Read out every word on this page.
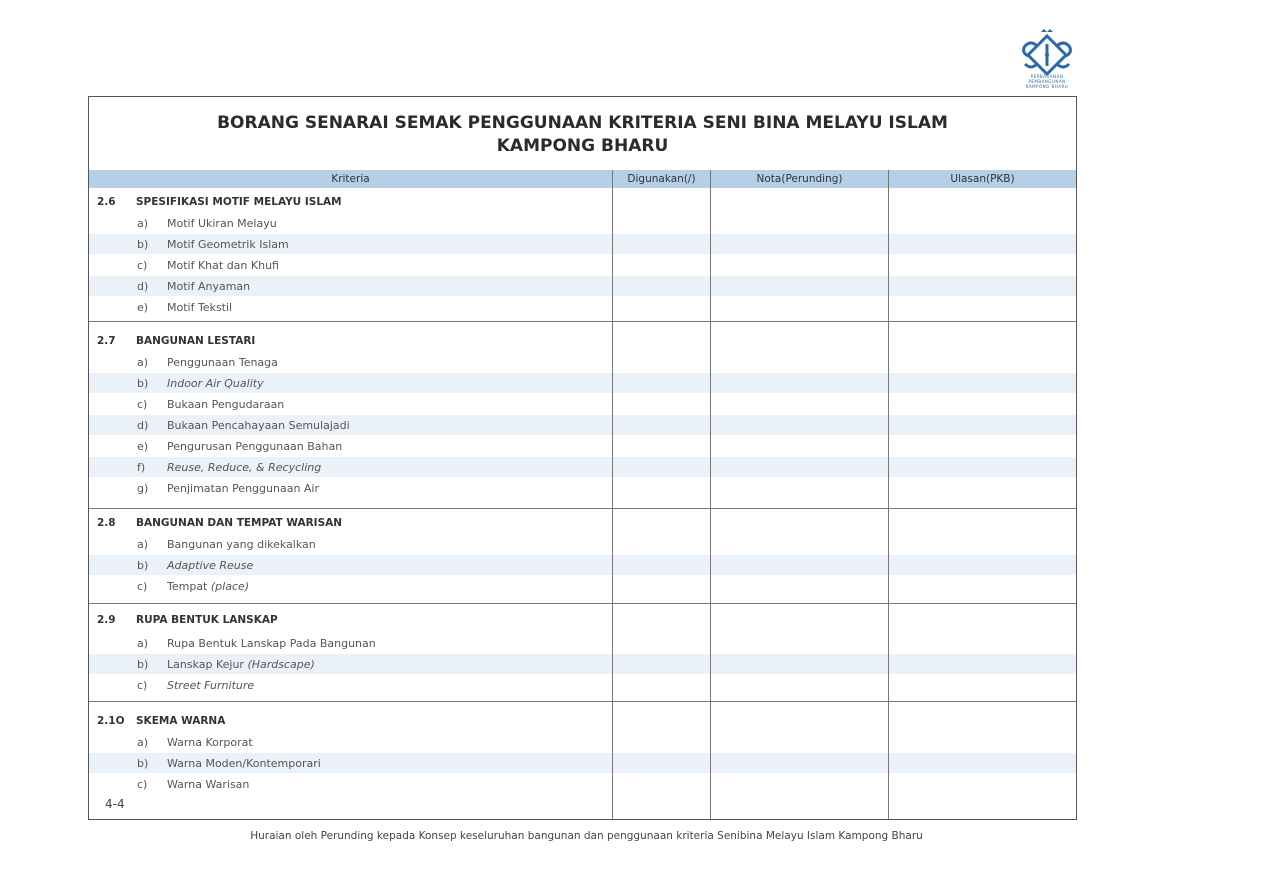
PERBADANAN PEMBANGUNAN
KAMPONG BHARU
BORANG SENARAI SEMAK PENGGUNAAN KRITERIA SENI BINA MELAYU ISLAM
KAMPONG BHARU
Kriteria	Digunakan(/)	Nota(Perunding)	Ulasan(PKB)
2.6 SPESIFIKASI MOTIF MELAYU ISLAM
a) Motif Ukiran Melayu
b) Motif Geometrik Islam
c) Motif Khat dan Khufi
d) Motif Anyaman
e) Motif Tekstil
2.7 BANGUNAN LESTARI
a) Penggunaan Tenaga
b) Indoor Air Quality
c) Bukaan Pengudaraan
d) Bukaan Pencahayaan Semulajadi
e) Pengurusan Penggunaan Bahan
f) Reuse, Reduce, & Recycling
g) Penjimatan Penggunaan Air
2.8 BANGUNAN DAN TEMPAT WARISAN
a) Bangunan yang dikekalkan
b) Adaptive Reuse
c) Tempat (place)
2.9 RUPA BENTUK LANSKAP
a) Rupa Bentuk Lanskap Pada Bangunan
b) Lanskap Kejur (Hardscape)
c) Street Furniture
2.1O SKEMA WARNA
a) Warna Korporat
b) Warna Moden/Kontemporari
c) Warna Warisan
4-4
Huraian oleh Perunding kepada Konsep keseluruhan bangunan dan penggunaan kriteria Senibina Melayu Islam Kampong Bharu
